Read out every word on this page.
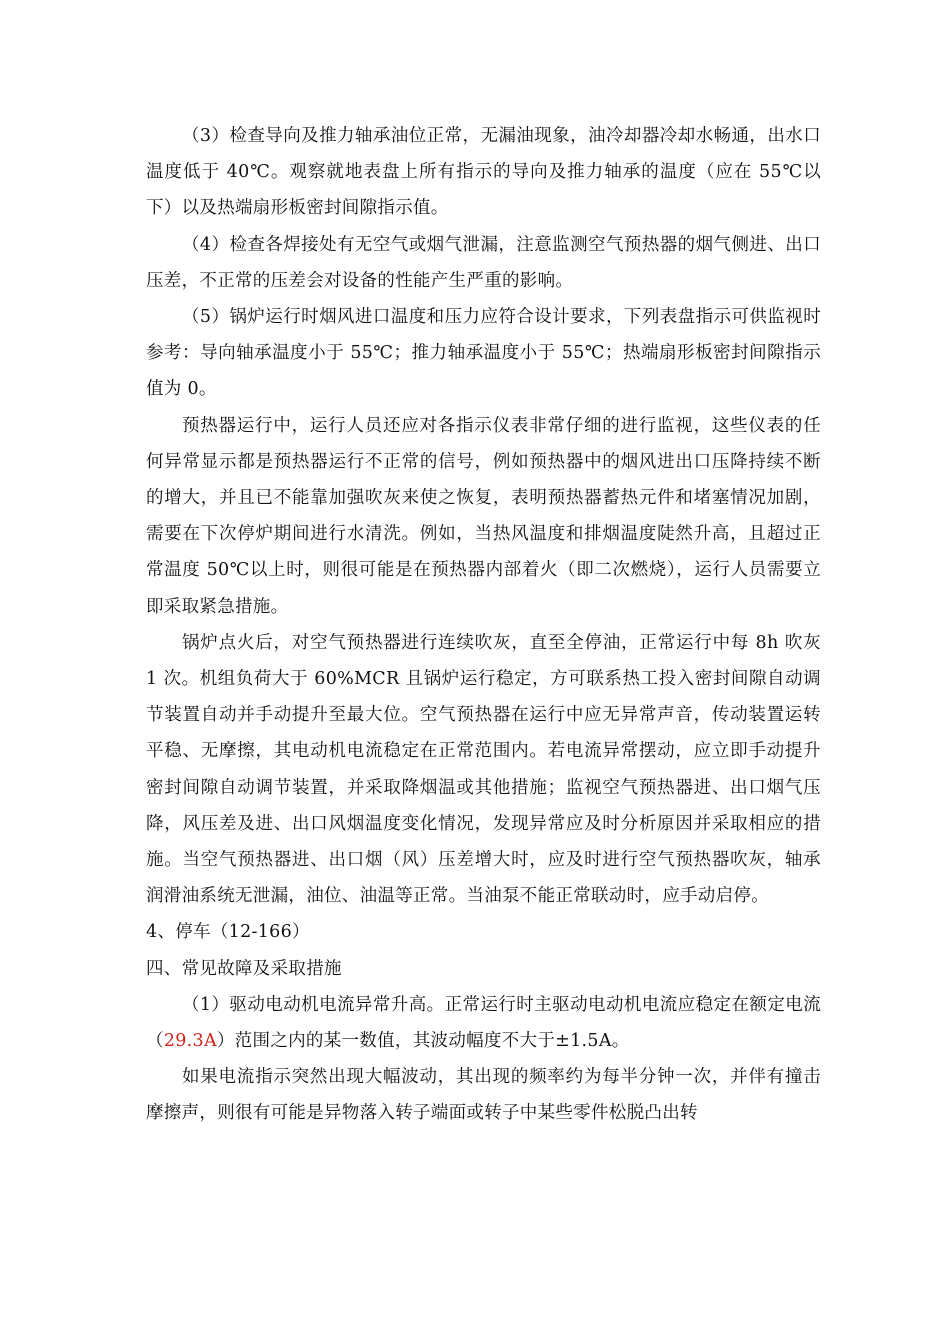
（3）检查导向及推力轴承油位正常，无漏油现象，油冷却器冷却水畅通，出水口温度低于 40℃。观察就地表盘上所有指示的导向及推力轴承的温度（应在 55℃以下）以及热端扇形板密封间隙指示值。

（4）检查各焊接处有无空气或烟气泄漏，注意监测空气预热器的烟气侧进、出口压差，不正常的压差会对设备的性能产生严重的影响。

（5）锅炉运行时烟风进口温度和压力应符合设计要求，下列表盘指示可供监视时参考：导向轴承温度小于 55℃；推力轴承温度小于 55℃；热端扇形板密封间隙指示值为 0。

预热器运行中，运行人员还应对各指示仪表非常仔细的进行监视，这些仪表的任何异常显示都是预热器运行不正常的信号，例如预热器中的烟风进出口压降持续不断的增大，并且已不能靠加强吹灰来使之恢复，表明预热器蓄热元件和堵塞情况加剧，需要在下次停炉期间进行水清洗。例如，当热风温度和排烟温度陡然升高，且超过正常温度 50℃以上时，则很可能是在预热器内部着火（即二次燃烧），运行人员需要立即采取紧急措施。

锅炉点火后，对空气预热器进行连续吹灰，直至全停油，正常运行中每 8h 吹灰 1 次。机组负荷大于 60%MCR 且锅炉运行稳定，方可联系热工投入密封间隙自动调节装置自动并手动提升至最大位。空气预热器在运行中应无异常声音，传动装置运转平稳、无摩擦，其电动机电流稳定在正常范围内。若电流异常摆动，应立即手动提升密封间隙自动调节装置，并采取降烟温或其他措施；监视空气预热器进、出口烟气压降，风压差及进、出口风烟温度变化情况，发现异常应及时分析原因并采取相应的措施。当空气预热器进、出口烟（风）压差增大时，应及时进行空气预热器吹灰，轴承润滑油系统无泄漏，油位、油温等正常。当油泵不能正常联动时，应手动启停。

4、停车（12-166）

四、常见故障及采取措施

（1）驱动电动机电流异常升高。正常运行时主驱动电动机电流应稳定在额定电流（29.3A）范围之内的某一数值，其波动幅度不大于±1.5A。

如果电流指示突然出现大幅波动，其出现的频率约为每半分钟一次，并伴有撞击摩擦声，则很有可能是异物落入转子端面或转子中某些零件松脱凸出转
